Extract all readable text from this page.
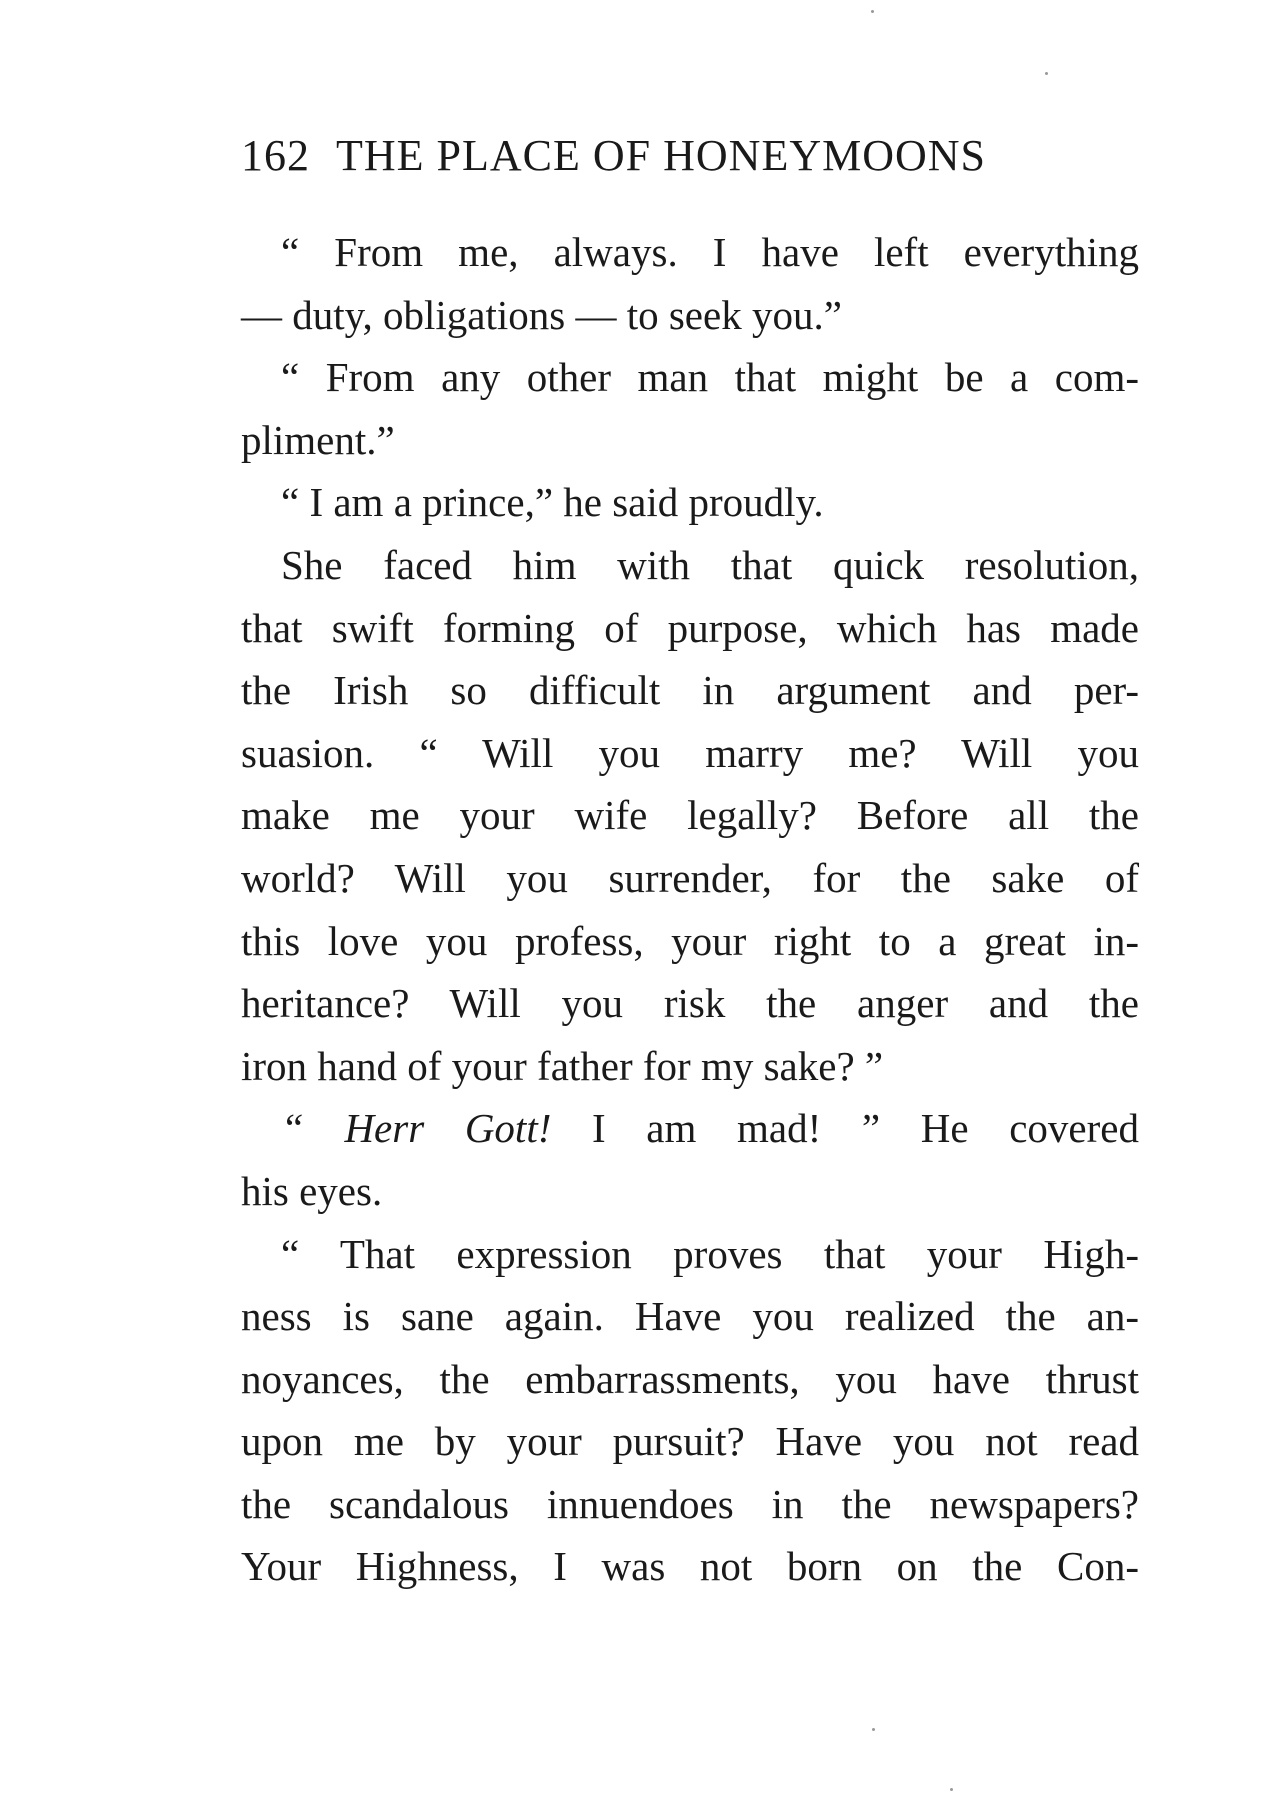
162 THE PLACE OF HONEYMOONS
“ From me, always. I have left everything
— duty, obligations — to seek you.”
“ From any other man that might be a com-
pliment.”
“ I am a prince,” he said proudly.
She faced him with that quick resolution,
that swift forming of purpose, which has made
the Irish so difficult in argument and per-
suasion. “ Will you marry me? Will you
make me your wife legally? Before all the
world? Will you surrender, for the sake of
this love you profess, your right to a great in-
heritance? Will you risk the anger and the
iron hand of your father for my sake? ”
“ Herr Gott! I am mad! ” He covered
his eyes.
“ That expression proves that your High-
ness is sane again. Have you realized the an-
noyances, the embarrassments, you have thrust
upon me by your pursuit? Have you not read
the scandalous innuendoes in the newspapers?
Your Highness, I was not born on the Con-
